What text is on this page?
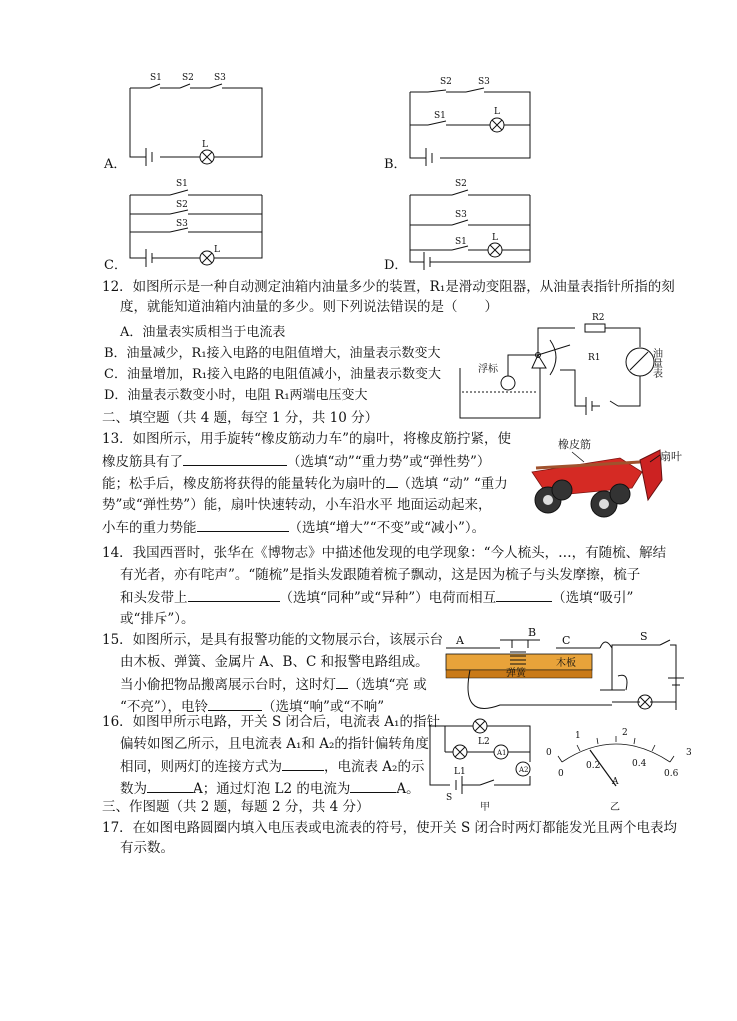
S1 S2 S3
L
S2	S3
S1	L
S1
S2
S3
L
S2
S3
S1	L
A．	B．
C．	D．
12．如图所示是一种自动测定油箱内油量多少的装置，R₁是滑动变阻器，从油量表指针所指的刻
度，就能知道油箱内油量的多少。则下列说法错误的是（　　）
A．油量表实质相当于电流表
B．油量减少，R₁接入电路的电阻值增大，油量表示数变大
C．油量增加，R₁接入电路的电阻值减小，油量表示数变大
D．油量表示数变小时，电阻 R₁两端电压变大
浮标
R2
R1	油量表
二、填空题（共 4 题，每空 1 分，共 10 分）
13．如图所示，用手旋转“橡皮筋动力车”的扇叶，将橡皮筋拧紧，使
橡皮筋具有了	（选填“动”“重力势”或“弹性势”）
能；松手后，橡皮筋将获得的能量转化为扇叶的 （选填 “动” “重力
势”或“弹性势”）能，扇叶快速转动，小车沿水平 地面运动起来，
小车的重力势能	（选填“增大”“不变”或“减小”）。
橡皮筋
扇叶
14．我国西晋时，张华在《博物志》中描述他发现的电学现象：“今人梳头，…，有随梳、解结
有光者，亦有咤声”。“随梳”是指头发跟随着梳子飘动，这是因为梳子与头发摩擦，梳子
和头发带上	（选填“同种”或“异种”）电荷而相互	（选填“吸引”
或“排斥”）。
15．如图所示，是具有报警功能的文物展示台，该展示台
由木板、弹簧、金属片 A、B、C 和报警电路组成。
当小偷把物品搬离展示台时，这时灯 （选填“亮 或
“不亮”），电铃	（选填“响”或“不响”
A
B
C	S
弹簧
木板
16．如图甲所示电路，开关 S 闭合后，电流表 A₁的指针
偏转如图乙所示，且电流表 A₁和 A₂的指针偏转角度
相同，则两灯的连接方式为	，电流表 A₂的示
数为	A；通过灯泡 L2 的电流为	A。
A1
A2
L2
L1
S
甲
0
1	2
3
0
0.2	0.4
0.6
A
乙
三、作图题（共 2 题，每题 2 分，共 4 分）
17．在如图电路圆圈内填入电压表或电流表的符号，使开关 S 闭合时两灯都能发光且两个电表均
有示数。
